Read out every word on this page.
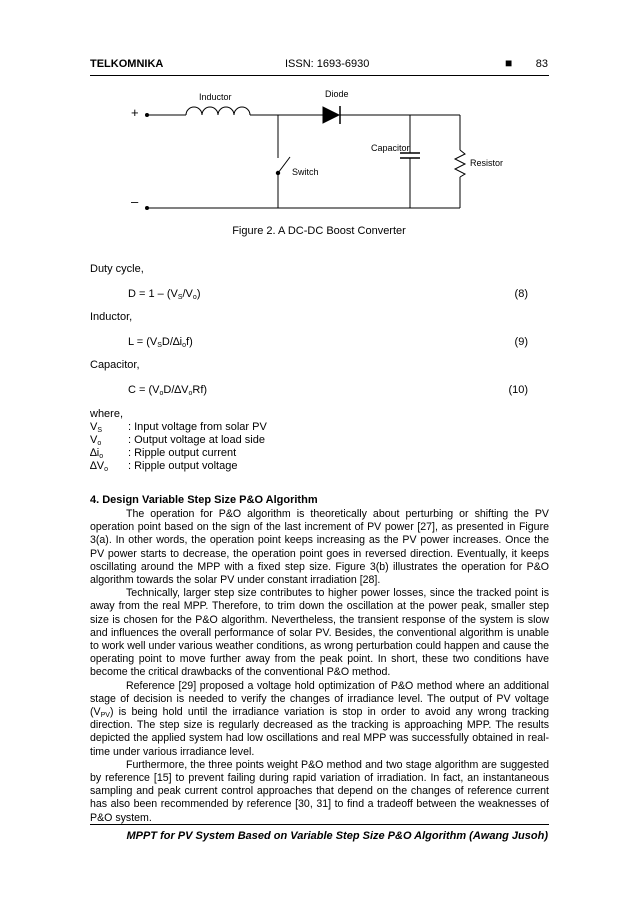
TELKOMNIKA	ISSN: 1693-6930	■ 83
Inductor	Diode
Capacitor
Resistor
Switch
+
–
Figure 2. A DC-DC Boost Converter
Duty cycle,
$D = 1 - (V_S/V_o)$	(8)
Inductor,
$L = (V_SD/\Delta i_of)$	(9)
Capacitor,
$C = (V_oD/\Delta V_oRf)$	(10)
where,
$V_S$ : Input voltage from solar PV
$V_o$ : Output voltage at load side
$\Delta i_o$ : Ripple output current
$\Delta V_o$ : Ripple output voltage
4. Design Variable Step Size P&O Algorithm

The operation for P&O algorithm is theoretically about perturbing or shifting the PV operation point based on the sign of the last increment of PV power [27], as presented in Figure 3(a). In other words, the operation point keeps increasing as the PV power increases. Once the PV power starts to decrease, the operation point goes in reversed direction. Eventually, it keeps oscillating around the MPP with a fixed step size. Figure 3(b) illustrates the operation for P&O algorithm towards the solar PV under constant irradiation [28].

Technically, larger step size contributes to higher power losses, since the tracked point is away from the real MPP. Therefore, to trim down the oscillation at the power peak, smaller step size is chosen for the P&O algorithm. Nevertheless, the transient response of the system is slow and influences the overall performance of solar PV. Besides, the conventional algorithm is unable to work well under various weather conditions, as wrong perturbation could happen and cause the operating point to move further away from the peak point. In short, these two conditions have become the critical drawbacks of the conventional P&O method.

Reference [29] proposed a voltage hold optimization of P&O method where an additional stage of decision is needed to verify the changes of irradiance level. The output of PV voltage $(V_{PV})$ is being hold until the irradiance variation is stop in order to avoid any wrong tracking direction. The step size is regularly decreased as the tracking is approaching MPP. The results depicted the applied system had low oscillations and real MPP was successfully obtained in real-time under various irradiance level.

Furthermore, the three points weight P&O method and two stage algorithm are suggested by reference [15] to prevent failing during rapid variation of irradiation. In fact, an instantaneous sampling and peak current control approaches that depend on the changes of reference current has also been recommended by reference [30, 31] to find a tradeoff between the weaknesses of P&O system.

MPPT for PV System Based on Variable Step Size P&O Algorithm (Awang Jusoh)
